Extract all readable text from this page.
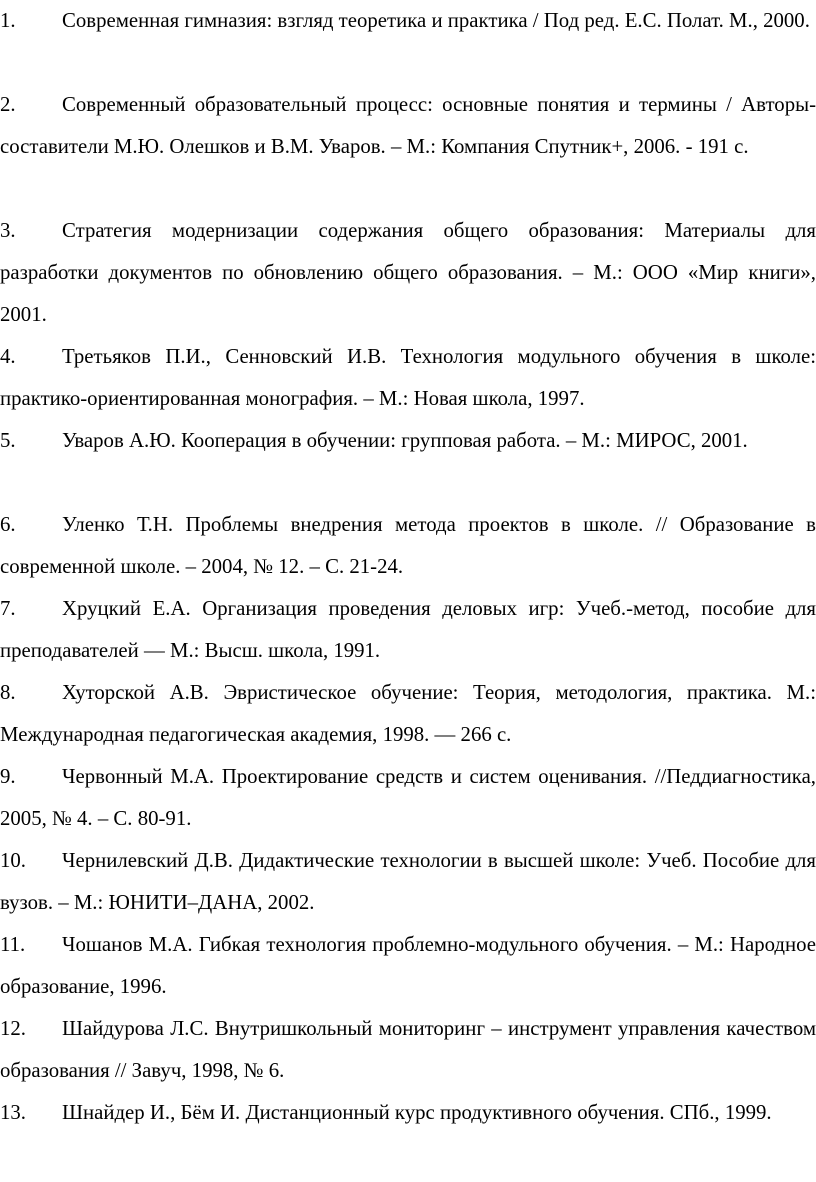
1. Современная гимназия: взгляд теоретика и практика / Под ред. Е.С. Полат. М., 2000.
2. Современный образовательный процесс: основные понятия и термины / Авторы-составители М.Ю. Олешков и В.М. Уваров. – М.: Компания Спутник+, 2006. - 191 с.
3. Стратегия модернизации содержания общего образования: Материалы для разработки документов по обновлению общего образования. – М.: ООО «Мир книги», 2001.
4. Третьяков П.И., Сенновский И.В. Технология модульного обучения в школе: практико-ориентированная монография. – М.: Новая школа, 1997.
5. Уваров А.Ю. Кооперация в обучении: групповая работа. – М.: МИРОС, 2001.
6. Уленко Т.Н. Проблемы внедрения метода проектов в школе. // Образование в современной школе. – 2004, № 12. – С. 21-24.
7. Хруцкий Е.А. Организация проведения деловых игр: Учеб.-метод, пособие для преподавателей — М.: Высш. школа, 1991.
8. Хуторской А.В. Эвристическое обучение: Теория, методология, практика. М.: Международная педагогическая академия, 1998. — 266 с.
9. Червонный М.А. Проектирование средств и систем оценивания. //Педдиагностика, 2005, № 4. – С. 80-91.
10. Чернилевский Д.В. Дидактические технологии в высшей школе: Учеб. Пособие для вузов. – М.: ЮНИТИ–ДАНА, 2002.
11. Чошанов М.А. Гибкая технология проблемно-модульного обучения. – М.: Народное образование, 1996.
12. Шайдурова Л.С. Внутришкольный мониторинг – инструмент управления качеством образования // Завуч, 1998, № 6.
13. Шнайдер И., Бём И. Дистанционный курс продуктивного обучения. СПб., 1999.
